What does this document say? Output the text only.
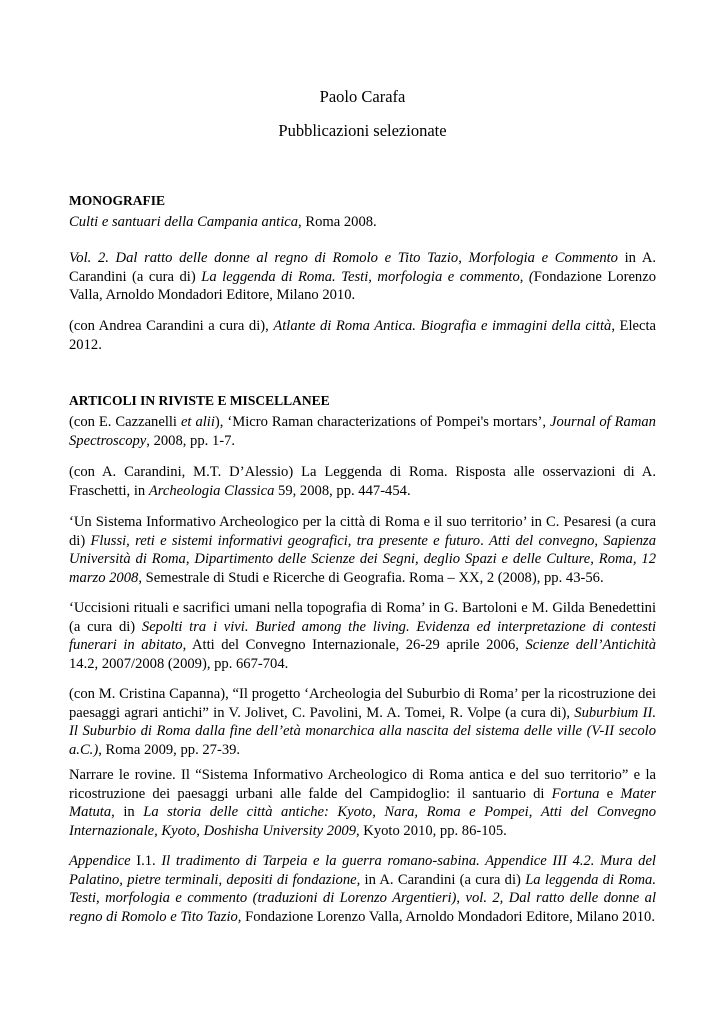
Paolo Carafa
Pubblicazioni selezionate
MONOGRAFIE

Culti e santuari della Campania antica, Roma 2008.

Vol. 2. Dal ratto delle donne al regno di Romolo e Tito Tazio, Morfologia e Commento in A. Carandini (a cura di) La leggenda di Roma. Testi, morfologia e commento, (Fondazione Lorenzo Valla, Arnoldo Mondadori Editore, Milano 2010.

(con Andrea Carandini a cura di), Atlante di Roma Antica. Biografia e immagini della città, Electa 2012.

ARTICOLI IN RIVISTE E MISCELLANEE

(con E. Cazzanelli et alii), ‘Micro Raman characterizations of Pompei's mortars’, Journal of Raman Spectroscopy, 2008, pp. 1-7.

(con A. Carandini, M.T. D’Alessio) La Leggenda di Roma. Risposta alle osservazioni di A. Fraschetti, in Archeologia Classica 59, 2008, pp. 447-454.

‘Un Sistema Informativo Archeologico per la città di Roma e il suo territorio’ in C. Pesaresi (a cura di) Flussi, reti e sistemi informativi geografici, tra presente e futuro. Atti del convegno, Sapienza Università di Roma, Dipartimento delle Scienze dei Segni, deglio Spazi e delle Culture, Roma, 12 marzo 2008, Semestrale di Studi e Ricerche di Geografia. Roma – XX, 2 (2008), pp. 43-56.

‘Uccisioni rituali e sacrifici umani nella topografia di Roma’ in G. Bartoloni e M. Gilda Benedettini (a cura di) Sepolti tra i vivi. Buried among the living. Evidenza ed interpretazione di contesti funerari in abitato, Atti del Convegno Internazionale, 26-29 aprile 2006, Scienze dell’Antichità 14.2, 2007/2008 (2009), pp. 667-704.

(con M. Cristina Capanna), “Il progetto ‘Archeologia del Suburbio di Roma’ per la ricostruzione dei paesaggi agrari antichi” in V. Jolivet, C. Pavolini, M. A. Tomei, R. Volpe (a cura di), Suburbium II. Il Suburbio di Roma dalla fine dell’età monarchica alla nascita del sistema delle ville (V-II secolo a.C.), Roma 2009, pp. 27-39.

Narrare le rovine. Il “Sistema Informativo Archeologico di Roma antica e del suo territorio” e la ricostruzione dei paesaggi urbani alle falde del Campidoglio: il santuario di Fortuna e Mater Matuta, in La storia delle città antiche: Kyoto, Nara, Roma e Pompei, Atti del Convegno Internazionale, Kyoto, Doshisha University 2009, Kyoto 2010, pp. 86-105.

Appendice I.1. Il tradimento di Tarpeia e la guerra romano-sabina. Appendice III 4.2. Mura del Palatino, pietre terminali, depositi di fondazione, in A. Carandini (a cura di) La leggenda di Roma. Testi, morfologia e commento (traduzioni di Lorenzo Argentieri), vol. 2, Dal ratto delle donne al regno di Romolo e Tito Tazio, Fondazione Lorenzo Valla, Arnoldo Mondadori Editore, Milano 2010.
